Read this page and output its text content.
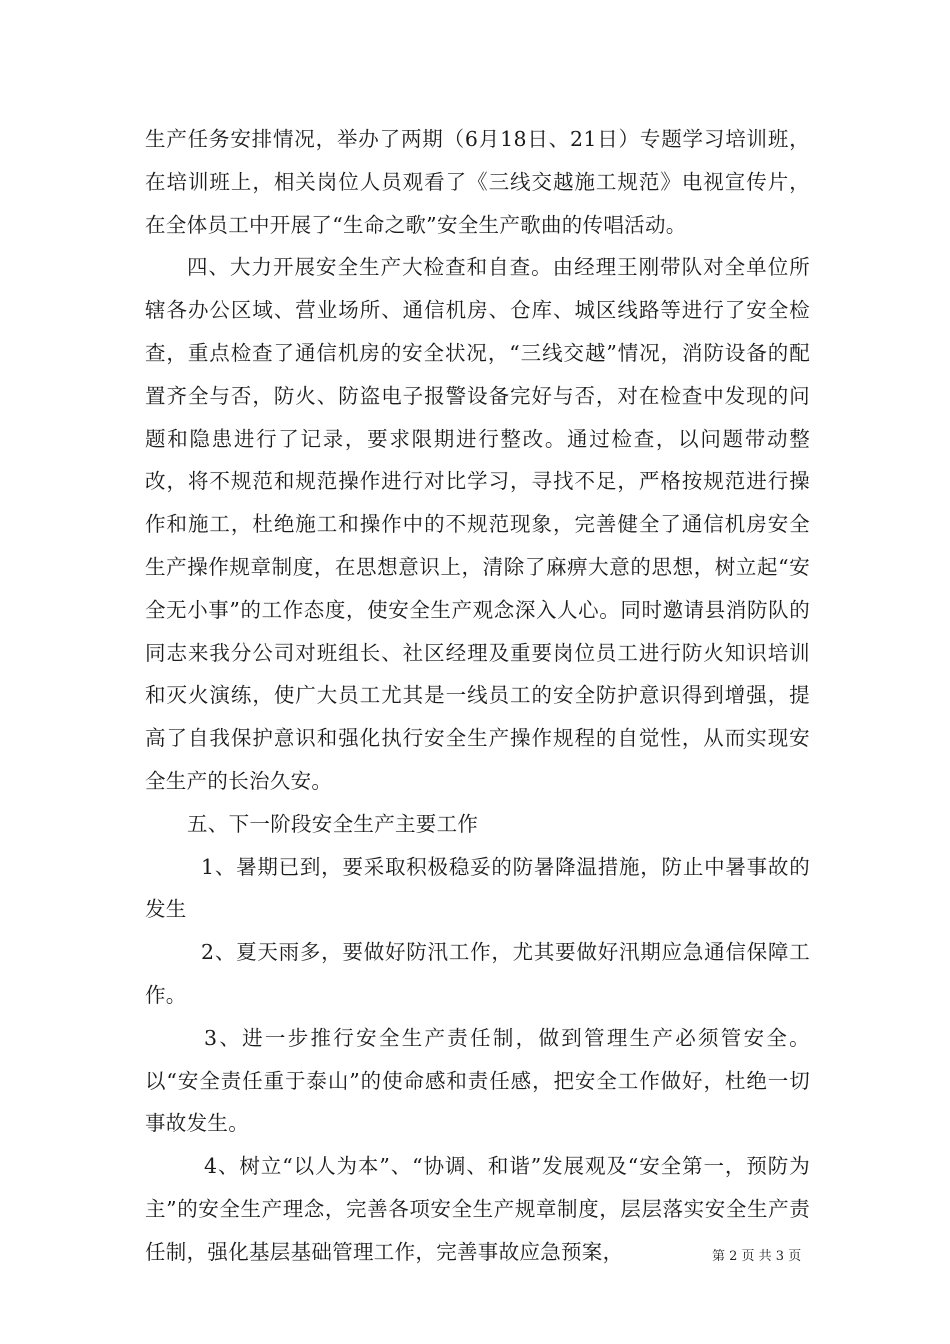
生产任务安排情况，举办了两期（6月18日、21日）专题学习培训班，在培训班上，相关岗位人员观看了《三线交越施工规范》电视宣传片，在全体员工中开展了“生命之歌”安全生产歌曲的传唱活动。

四、大力开展安全生产大检查和自查。由经理王刚带队对全单位所辖各办公区域、营业场所、通信机房、仓库、城区线路等进行了安全检查，重点检查了通信机房的安全状况，“三线交越”情况，消防设备的配置齐全与否，防火、防盗电子报警设备完好与否，对在检查中发现的问题和隐患进行了记录，要求限期进行整改。通过检查，以问题带动整改，将不规范和规范操作进行对比学习，寻找不足，严格按规范进行操作和施工，杜绝施工和操作中的不规范现象，完善健全了通信机房安全生产操作规章制度，在思想意识上，清除了麻痹大意的思想，树立起“安全无小事”的工作态度，使安全生产观念深入人心。同时邀请县消防队的同志来我分公司对班组长、社区经理及重要岗位员工进行防火知识培训和灭火演练，使广大员工尤其是一线员工的安全防护意识得到增强，提高了自我保护意识和强化执行安全生产操作规程的自觉性，从而实现安全生产的长治久安。

五、下一阶段安全生产主要工作

1、暑期已到，要采取积极稳妥的防暑降温措施，防止中暑事故的发生

2、夏天雨多，要做好防汛工作，尤其要做好汛期应急通信保障工作。

3、进一步推行安全生产责任制，做到管理生产必须管安全。以“安全责任重于泰山”的使命感和责任感，把安全工作做好，杜绝一切事故发生。

4、树立“以人为本”、“协调、和谐”发展观及“安全第一，预防为主”的安全生产理念，完善各项安全生产规章制度，层层落实安全生产责任制，强化基层基础管理工作，完善事故应急预案，	第 2 页 共 3 页
